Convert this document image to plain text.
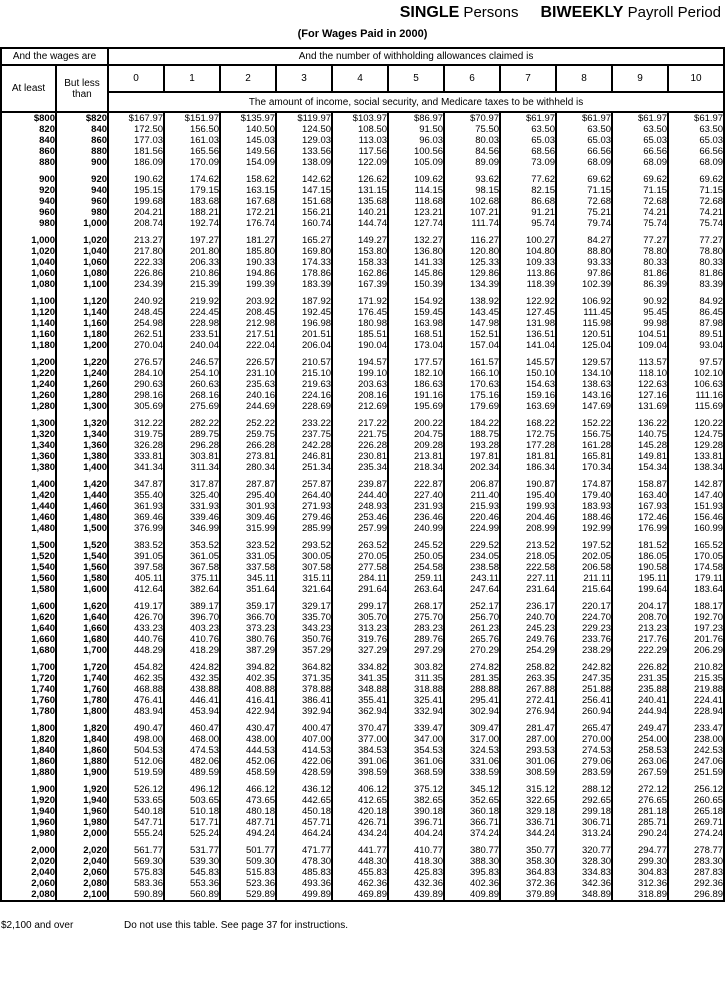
SINGLE Persons BIWEEKLY Payroll Period
(For Wages Paid in 2000)
And the wages are		And the number of withholding allowances claimed is										
At least	But less than	0	1	2	3	4	5	6	7	8	9	10
		The amount of income, social security, and Medicare taxes to be withheld is										
$800	$820	$167.97	$151.97	$135.97	$119.97	$103.97	$86.97	$70.97	$61.97	$61.97	$61.97	$61.97
820	840	172.50	156.50	140.50	124.50	108.50	91.50	75.50	63.50	63.50	63.50	63.50
840	860	177.03	161.03	145.03	129.03	113.03	96.03	80.03	65.03	65.03	65.03	65.03
860	880	181.56	165.56	149.56	133.56	117.56	100.56	84.56	68.56	66.56	66.56	66.56
880	900	186.09	170.09	154.09	138.09	122.09	105.09	89.09	73.09	68.09	68.09	68.09

900	920	190.62	174.62	158.62	142.62	126.62	109.62	93.62	77.62	69.62	69.62	69.62
920	940	195.15	179.15	163.15	147.15	131.15	114.15	98.15	82.15	71.15	71.15	71.15
940	960	199.68	183.68	167.68	151.68	135.68	118.68	102.68	86.68	72.68	72.68	72.68
960	980	204.21	188.21	172.21	156.21	140.21	123.21	107.21	91.21	75.21	74.21	74.21
980	1,000	208.74	192.74	176.74	160.74	144.74	127.74	111.74	95.74	79.74	75.74	75.74

1,000	1,020	213.27	197.27	181.27	165.27	149.27	132.27	116.27	100.27	84.27	77.27	77.27
1,020	1,040	217.80	201.80	185.80	169.80	153.80	136.80	120.80	104.80	88.80	78.80	78.80
1,040	1,060	222.33	206.33	190.33	174.33	158.33	141.33	125.33	109.33	93.33	80.33	80.33
1,060	1,080	226.86	210.86	194.86	178.86	162.86	145.86	129.86	113.86	97.86	81.86	81.86
1,080	1,100	234.39	215.39	199.39	183.39	167.39	150.39	134.39	118.39	102.39	86.39	83.39

1,100	1,120	240.92	219.92	203.92	187.92	171.92	154.92	138.92	122.92	106.92	90.92	84.92
1,120	1,140	248.45	224.45	208.45	192.45	176.45	159.45	143.45	127.45	111.45	95.45	86.45
1,140	1,160	254.98	228.98	212.98	196.98	180.98	163.98	147.98	131.98	115.98	99.98	87.98
1,160	1,180	262.51	233.51	217.51	201.51	185.51	168.51	152.51	136.51	120.51	104.51	89.51
1,180	1,200	270.04	240.04	222.04	206.04	190.04	173.04	157.04	141.04	125.04	109.04	93.04

1,200	1,220	276.57	246.57	226.57	210.57	194.57	177.57	161.57	145.57	129.57	113.57	97.57
1,220	1,240	284.10	254.10	231.10	215.10	199.10	182.10	166.10	150.10	134.10	118.10	102.10
1,240	1,260	290.63	260.63	235.63	219.63	203.63	186.63	170.63	154.63	138.63	122.63	106.63
1,260	1,280	298.16	268.16	240.16	224.16	208.16	191.16	175.16	159.16	143.16	127.16	111.16
1,280	1,300	305.69	275.69	244.69	228.69	212.69	195.69	179.69	163.69	147.69	131.69	115.69

1,300	1,320	312.22	282.22	252.22	233.22	217.22	200.22	184.22	168.22	152.22	136.22	120.22
1,320	1,340	319.75	289.75	259.75	237.75	221.75	204.75	188.75	172.75	156.75	140.75	124.75
1,340	1,360	326.28	296.28	266.28	242.28	226.28	209.28	193.28	177.28	161.28	145.28	129.28
1,360	1,380	333.81	303.81	273.81	246.81	230.81	213.81	197.81	181.81	165.81	149.81	133.81
1,380	1,400	341.34	311.34	280.34	251.34	235.34	218.34	202.34	186.34	170.34	154.34	138.34

1,400	1,420	347.87	317.87	287.87	257.87	239.87	222.87	206.87	190.87	174.87	158.87	142.87
1,420	1,440	355.40	325.40	295.40	264.40	244.40	227.40	211.40	195.40	179.40	163.40	147.40
1,440	1,460	361.93	331.93	301.93	271.93	248.93	231.93	215.93	199.93	183.93	167.93	151.93
1,460	1,480	369.46	339.46	309.46	279.46	253.46	236.46	220.46	204.46	188.46	172.46	156.46
1,480	1,500	376.99	346.99	315.99	285.99	257.99	240.99	224.99	208.99	192.99	176.99	160.99

1,500	1,520	383.52	353.52	323.52	293.52	263.52	245.52	229.52	213.52	197.52	181.52	165.52
1,520	1,540	391.05	361.05	331.05	300.05	270.05	250.05	234.05	218.05	202.05	186.05	170.05
1,540	1,560	397.58	367.58	337.58	307.58	277.58	254.58	238.58	222.58	206.58	190.58	174.58
1,560	1,580	405.11	375.11	345.11	315.11	284.11	259.11	243.11	227.11	211.11	195.11	179.11
1,580	1,600	412.64	382.64	351.64	321.64	291.64	263.64	247.64	231.64	215.64	199.64	183.64

1,600	1,620	419.17	389.17	359.17	329.17	299.17	268.17	252.17	236.17	220.17	204.17	188.17
1,620	1,640	426.70	396.70	366.70	335.70	305.70	275.70	256.70	240.70	224.70	208.70	192.70
1,640	1,660	433.23	403.23	373.23	343.23	313.23	283.23	261.23	245.23	229.23	213.23	197.23
1,660	1,680	440.76	410.76	380.76	350.76	319.76	289.76	265.76	249.76	233.76	217.76	201.76
1,680	1,700	448.29	418.29	387.29	357.29	327.29	297.29	270.29	254.29	238.29	222.29	206.29

1,700	1,720	454.82	424.82	394.82	364.82	334.82	303.82	274.82	258.82	242.82	226.82	210.82
1,720	1,740	462.35	432.35	402.35	371.35	341.35	311.35	281.35	263.35	247.35	231.35	215.35
1,740	1,760	468.88	438.88	408.88	378.88	348.88	318.88	288.88	267.88	251.88	235.88	219.88
1,760	1,780	476.41	446.41	416.41	386.41	355.41	325.41	295.41	272.41	256.41	240.41	224.41
1,780	1,800	483.94	453.94	422.94	392.94	362.94	332.94	302.94	276.94	260.94	244.94	228.94

1,800	1,820	490.47	460.47	430.47	400.47	370.47	339.47	309.47	281.47	265.47	249.47	233.47
1,820	1,840	498.00	468.00	438.00	407.00	377.00	347.00	317.00	287.00	270.00	254.00	238.00
1,840	1,860	504.53	474.53	444.53	414.53	384.53	354.53	324.53	293.53	274.53	258.53	242.53
1,860	1,880	512.06	482.06	452.06	422.06	391.06	361.06	331.06	301.06	279.06	263.06	247.06
1,880	1,900	519.59	489.59	458.59	428.59	398.59	368.59	338.59	308.59	283.59	267.59	251.59

1,900	1,920	526.12	496.12	466.12	436.12	406.12	375.12	345.12	315.12	288.12	272.12	256.12
1,920	1,940	533.65	503.65	473.65	442.65	412.65	382.65	352.65	322.65	292.65	276.65	260.65
1,940	1,960	540.18	510.18	480.18	450.18	420.18	390.18	360.18	329.18	299.18	281.18	265.18
1,960	1,980	547.71	517.71	487.71	457.71	426.71	396.71	366.71	336.71	306.71	285.71	269.71
1,980	2,000	555.24	525.24	494.24	464.24	434.24	404.24	374.24	344.24	313.24	290.24	274.24

2,000	2,020	561.77	531.77	501.77	471.77	441.77	410.77	380.77	350.77	320.77	294.77	278.77
2,020	2,040	569.30	539.30	509.30	478.30	448.30	418.30	388.30	358.30	328.30	299.30	283.30
2,040	2,060	575.83	545.83	515.83	485.83	455.83	425.83	395.83	364.83	334.83	304.83	287.83
2,060	2,080	583.36	553.36	523.36	493.36	462.36	432.36	402.36	372.36	342.36	312.36	292.36
2,080	2,100	590.89	560.89	529.89	499.89	469.89	439.89	409.89	379.89	348.89	318.89	296.89
$2,100 and over	Do not use this table. See page 37 for instructions.
